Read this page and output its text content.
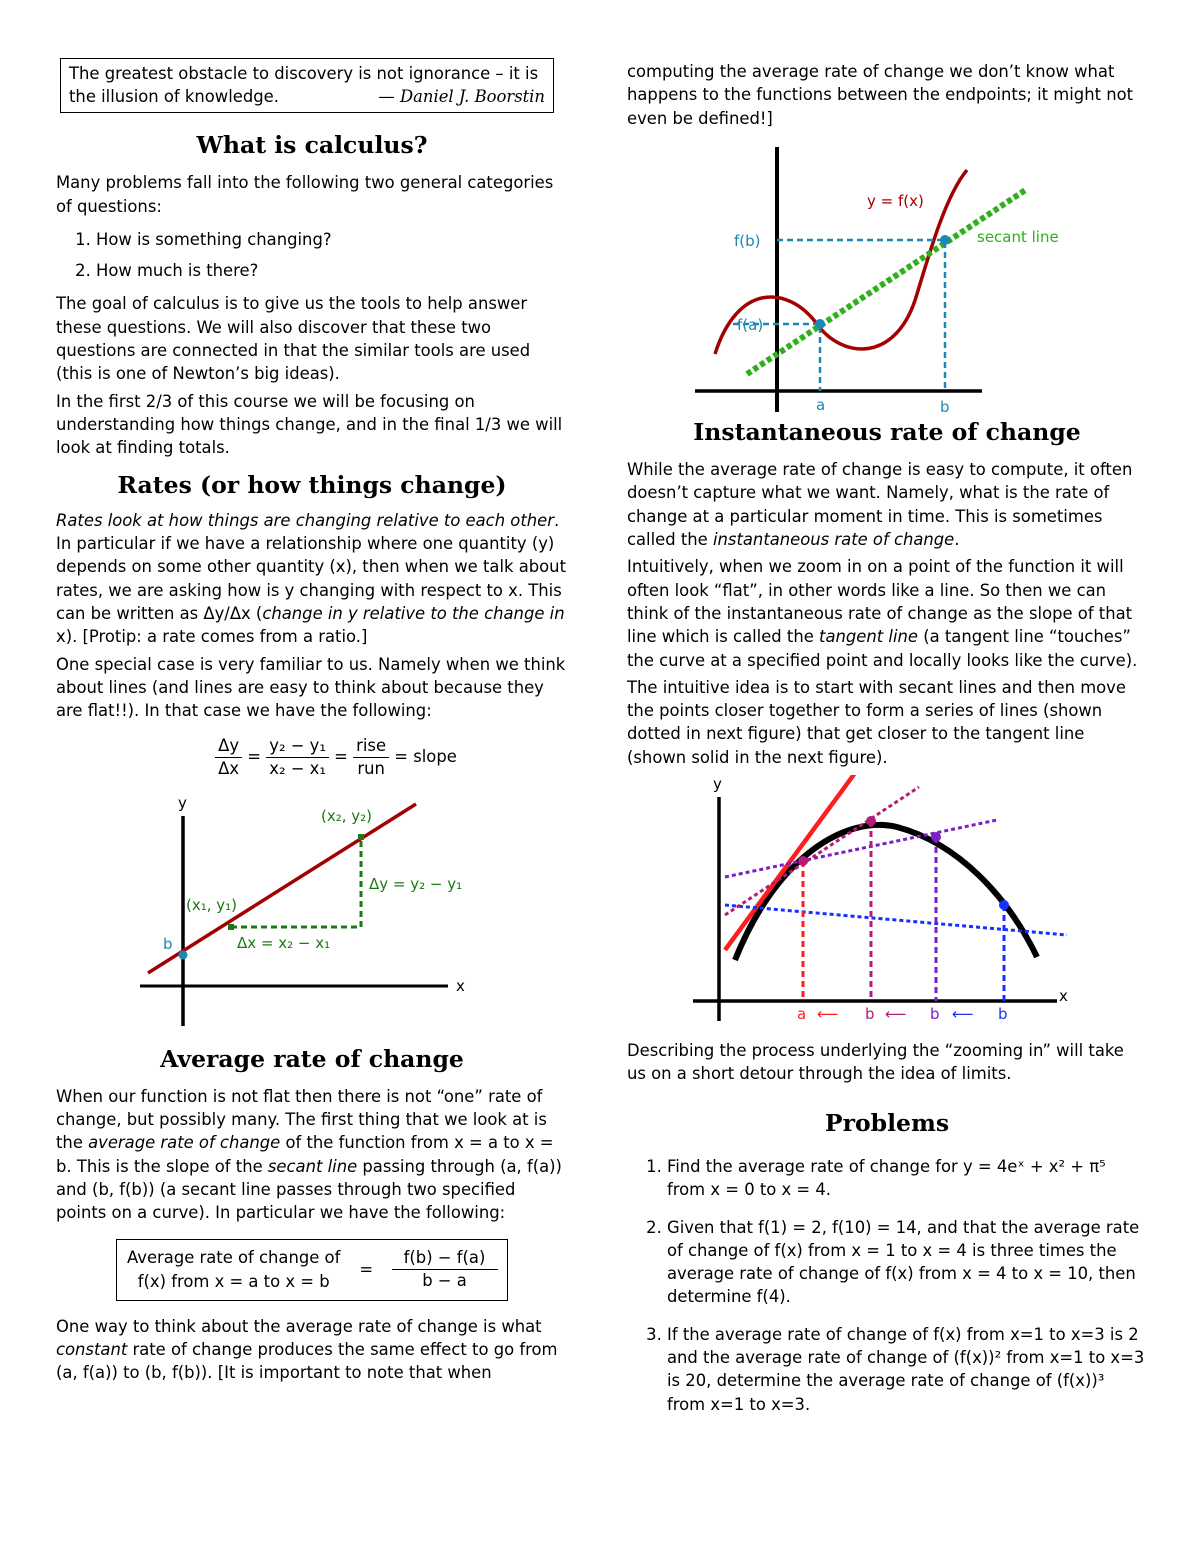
The greatest obstacle to discovery is not ignorance – it is the illusion of knowledge.	— Daniel J. Boorstin
What is calculus?

Many problems fall into the following two general categories of questions:

1. How is something changing?
2. How much is there?

The goal of calculus is to give us the tools to help answer these questions. We will also discover that these two questions are connected in that the similar tools are used (this is one of Newton’s big ideas).

In the first 2/3 of this course we will be focusing on understanding how things change, and in the final 1/3 we will look at finding totals.

Rates (or how things change)

Rates look at how things are changing relative to each other. In particular if we have a relationship where one quantity (y) depends on some other quantity (x), then when we talk about rates, we are asking how is y changing with respect to x. This can be written as Δy/Δx (change in y relative to the change in x). [Protip: a rate comes from a ratio.]

One special case is very familiar to us. Namely when we think about lines (and lines are easy to think about because they are flat!!). In that case we have the following:

$\frac{\Delta y}{\Delta x} = \frac{\text{y₂ − y₁}}{\text{x₂ − x₁}} = \frac{\text{rise}}{\text{run}}$ = slope
y
x
b
(x₁, y₁)
(x₂, y₂)
Δy = y₂ − y₁
Δx = x₂ − x₁
Average rate of change

When our function is not flat then there is not “one” rate of change, but possibly many. The first thing that we look at is the average rate of change of the function from x = a to x = b. This is the slope of the secant line passing through (a, f(a)) and (b, f(b)) (a secant line passes through two specified points on a curve). In particular we have the following:

Average rate of change of
f(x) from x = a to x = b
= $\frac{f(b) - f(a)}{b - a}$

One way to think about the average rate of change is what constant rate of change produces the same effect to go from (a, f(a)) to (b, f(b)). [It is important to note that when

computing the average rate of change we don’t know what happens to the functions between the endpoints; it might not even be defined!]

y = f(x)
f(b)
f(a)
secant line
a	b
Instantaneous rate of change

While the average rate of change is easy to compute, it often doesn’t capture what we want. Namely, what is the rate of change at a particular moment in time. This is sometimes called the instantaneous rate of change.

Intuitively, when we zoom in on a point of the function it will often look “flat”, in other words like a line. So then we can think of the instantaneous rate of change as the slope of that line which is called the tangent line (a tangent line “touches” the curve at a specified point and locally looks like the curve).

The intuitive idea is to start with secant lines and then move the points closer together to form a series of lines (shown dotted in next figure) that get closer to the tangent line (shown solid in the next figure).

y
x
a ⟵ b ⟵ b ⟵ b

Describing the process underlying the “zooming in” will take us on a short detour through the idea of limits.

Problems
1. Find the average rate of change for y = 4eˣ + x² + π⁵ from x = 0 to x = 4.
2. Given that f(1) = 2, f(10) = 14, and that the average rate of change of f(x) from x = 1 to x = 4 is three times the average rate of change of f(x) from x = 4 to x = 10, then determine f(4).
3. If the average rate of change of f(x) from x=1 to x=3 is 2 and the average rate of change of (f(x))² from x=1 to x=3 is 20, determine the average rate of change of (f(x))³ from x=1 to x=3.
